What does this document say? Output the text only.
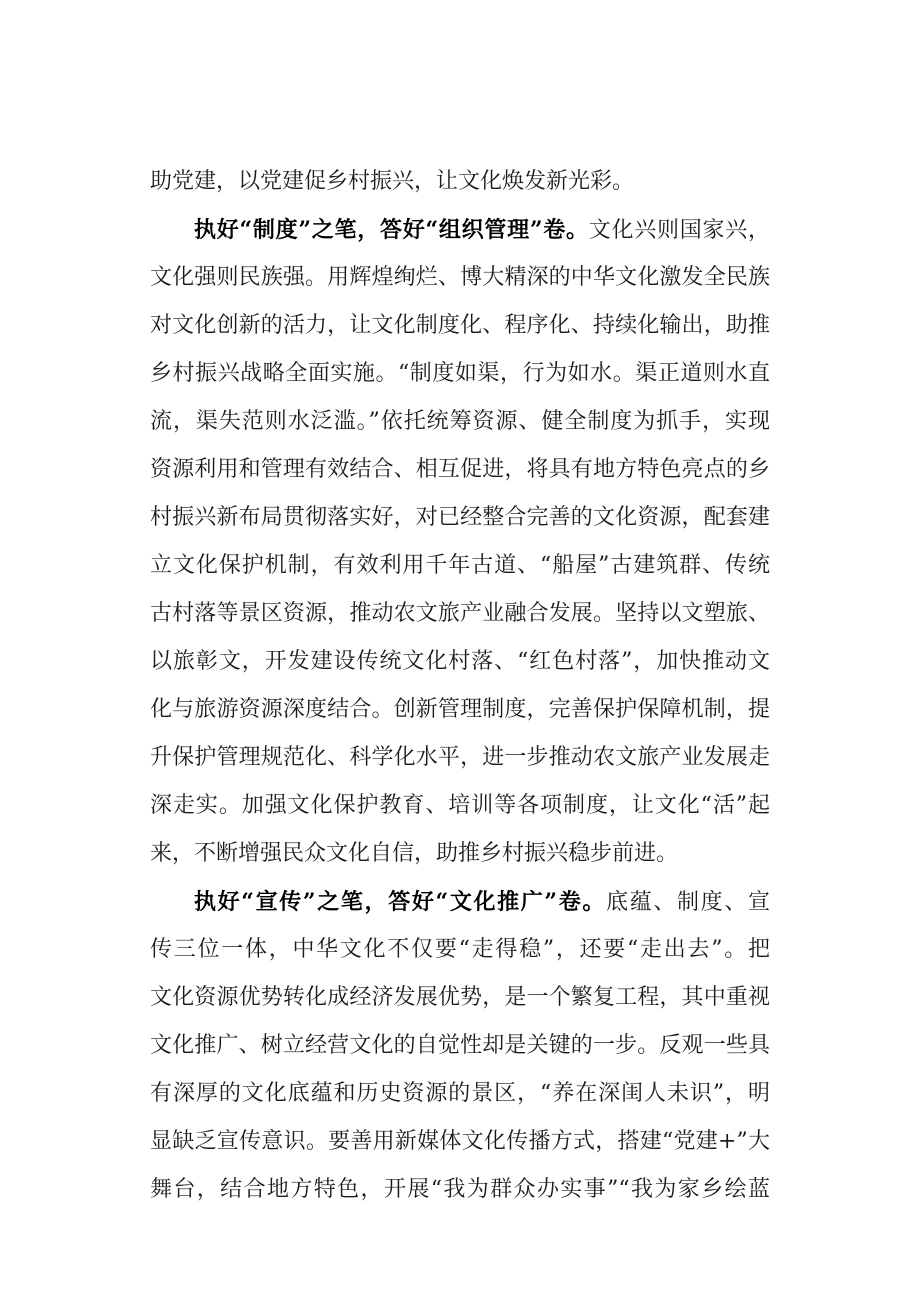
助党建，以党建促乡村振兴，让文化焕发新光彩。
执好“制度”之笔，答好“组织管理”卷。文化兴则国家兴，
文化强则民族强。用辉煌绚烂、博大精深的中华文化激发全民族
对文化创新的活力，让文化制度化、程序化、持续化输出，助推
乡村振兴战略全面实施。“制度如渠，行为如水。渠正道则水直
流，渠失范则水泛滥。”依托统筹资源、健全制度为抓手，实现
资源利用和管理有效结合、相互促进，将具有地方特色亮点的乡
村振兴新布局贯彻落实好，对已经整合完善的文化资源，配套建
立文化保护机制，有效利用千年古道、“船屋”古建筑群、传统
古村落等景区资源，推动农文旅产业融合发展。坚持以文塑旅、
以旅彰文，开发建设传统文化村落、“红色村落”，加快推动文
化与旅游资源深度结合。创新管理制度，完善保护保障机制，提
升保护管理规范化、科学化水平，进一步推动农文旅产业发展走
深走实。加强文化保护教育、培训等各项制度，让文化“活”起
来，不断增强民众文化自信，助推乡村振兴稳步前进。
执好“宣传”之笔，答好“文化推广”卷。底蕴、制度、宣
传三位一体，中华文化不仅要“走得稳”，还要“走出去”。把
文化资源优势转化成经济发展优势，是一个繁复工程，其中重视
文化推广、树立经营文化的自觉性却是关键的一步。反观一些具
有深厚的文化底蕴和历史资源的景区，“养在深闺人未识”，明
显缺乏宣传意识。要善用新媒体文化传播方式，搭建“党建+”大
舞台，结合地方特色，开展“我为群众办实事”“我为家乡绘蓝
